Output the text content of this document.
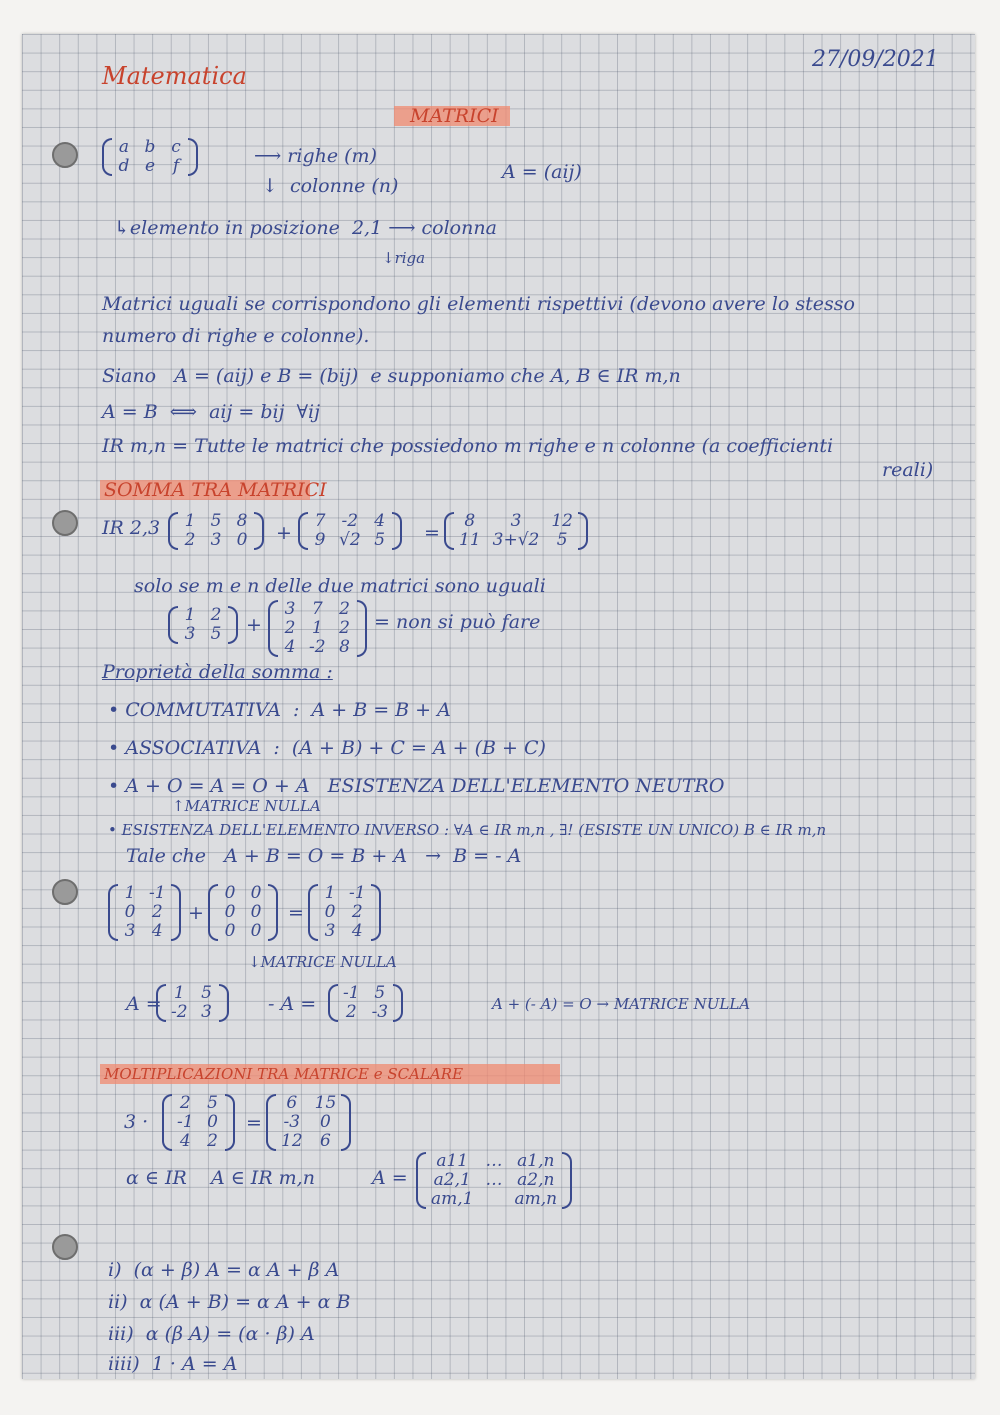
Matematica
27/09/2021
MATRICI
a b c
d e f	⟶ righe (m)
↓  colonne (n)
A = (aij)
↳elemento in posizione  2,1 ⟶ colonna
↓riga
Matrici uguali se corrispondono gli elementi rispettivi (devono avere lo stesso
numero di righe e colonne).
Siano   A = (aij) e B = (bij)  e supponiamo che A, B ∈ IR m,n
A = B  ⟺  aij = bij  ∀ij
IR m,n = Tutte le matrici che possiedono m righe e n colonne (a coefficienti
reali)
SOMMA TRA MATRICI
IR 2,3 1 5 8
2 3 0 +
7 -2 4
9 √2 5 =
8	3	12
11 3+√2	5
solo se m e n delle due matrici sono uguali
1 2
3 5 +
3 7 2
2 1 2
4 -2 8
= non si può fare
Proprietà della somma :
• COMMUTATIVA  :  A + B = B + A
• ASSOCIATIVA  :  (A + B) + C = A + (B + C)
• A + O = A = O + A   ESISTENZA DELL'ELEMENTO NEUTRO
↑MATRICE NULLA
• ESISTENZA DELL'ELEMENTO INVERSO : ∀A ∈ IR m,n , ∃! (ESISTE UN UNICO) B ∈ IR m,n
Tale che   A + B = O = B + A   →  B = - A
1 -1
0 2
3 4
+
0 0
0 0
0 0
=
1 -1
0 2
3 4
↓MATRICE NULLA
A = 1 5
-2 3	- A = -1 5
2 -3	A + (- A) = O → MATRICE NULLA
MOLTIPLICAZIONI TRA MATRICE e SCALARE
3 ·
2 5
-1 0
4 2
=
6	15
-3	0
12	6
α ∈ IR    A ∈ IR m,n	A =
a11	… a1,n
a2,1 … a2,n
am,1 am,n
i)  (α + β) A = α A + β A
ii)  α (A + B) = α A + α B
iii)  α (β A) = (α · β) A
iiii)  1 · A = A
